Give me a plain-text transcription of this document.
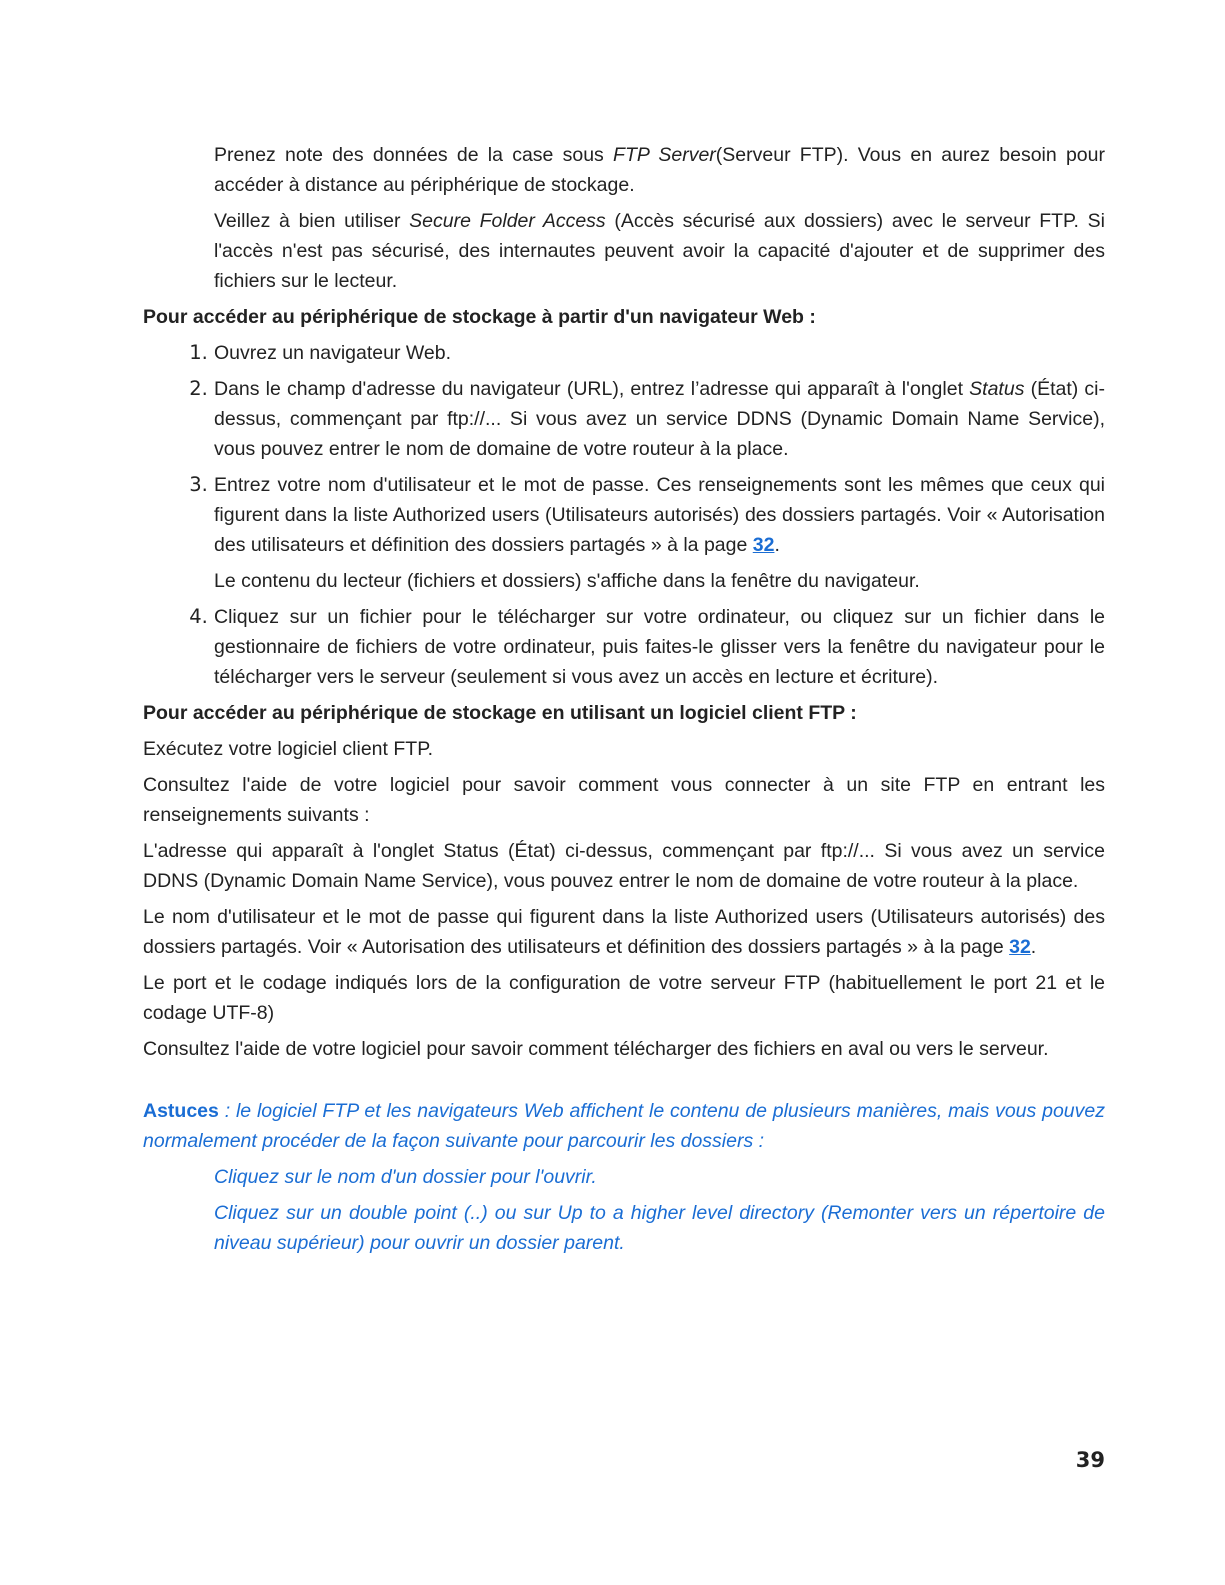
Prenez note des données de la case sous FTP Server(Serveur FTP). Vous en aurez besoin pour accéder à distance au périphérique de stockage.

Veillez à bien utiliser Secure Folder Access (Accès sécurisé aux dossiers) avec le serveur FTP. Si l'accès n'est pas sécurisé, des internautes peuvent avoir la capacité d'ajouter et de supprimer des fichiers sur le lecteur.

Pour accéder au périphérique de stockage à partir d'un navigateur Web :
1. Ouvrez un navigateur Web.
2. Dans le champ d'adresse du navigateur (URL), entrez l’adresse qui apparaît à l'onglet Status (État) ci-dessus, commençant par ftp://... Si vous avez un service DDNS (Dynamic Domain Name Service), vous pouvez entrer le nom de domaine de votre routeur à la place.
3. Entrez votre nom d'utilisateur et le mot de passe. Ces renseignements sont les mêmes que ceux qui figurent dans la liste Authorized users (Utilisateurs autorisés) des dossiers partagés. Voir « Autorisation des utilisateurs et définition des dossiers partagés » à la page 32.

Le contenu du lecteur (fichiers et dossiers) s'affiche dans la fenêtre du navigateur.

4. Cliquez sur un fichier pour le télécharger sur votre ordinateur, ou cliquez sur un fichier dans le gestionnaire de fichiers de votre ordinateur, puis faites-le glisser vers la fenêtre du navigateur pour le télécharger vers le serveur (seulement si vous avez un accès en lecture et écriture).
Pour accéder au périphérique de stockage en utilisant un logiciel client FTP :

Exécutez votre logiciel client FTP.

Consultez l'aide de votre logiciel pour savoir comment vous connecter à un site FTP en entrant les renseignements suivants :

L'adresse qui apparaît à l'onglet Status (État) ci-dessus, commençant par ftp://... Si vous avez un service DDNS (Dynamic Domain Name Service), vous pouvez entrer le nom de domaine de votre routeur à la place.

Le nom d'utilisateur et le mot de passe qui figurent dans la liste Authorized users (Utilisateurs autorisés) des dossiers partagés. Voir « Autorisation des utilisateurs et définition des dossiers partagés » à la page 32.

Le port et le codage indiqués lors de la configuration de votre serveur FTP (habituellement le port 21 et le codage UTF-8)

Consultez l'aide de votre logiciel pour savoir comment télécharger des fichiers en aval ou vers le serveur.

Astuces : le logiciel FTP et les navigateurs Web affichent le contenu de plusieurs manières, mais vous pouvez normalement procéder de la façon suivante pour parcourir les dossiers :

Cliquez sur le nom d'un dossier pour l'ouvrir.

Cliquez sur un double point (..) ou sur Up to a higher level directory (Remonter vers un répertoire de niveau supérieur) pour ouvrir un dossier parent.

39
